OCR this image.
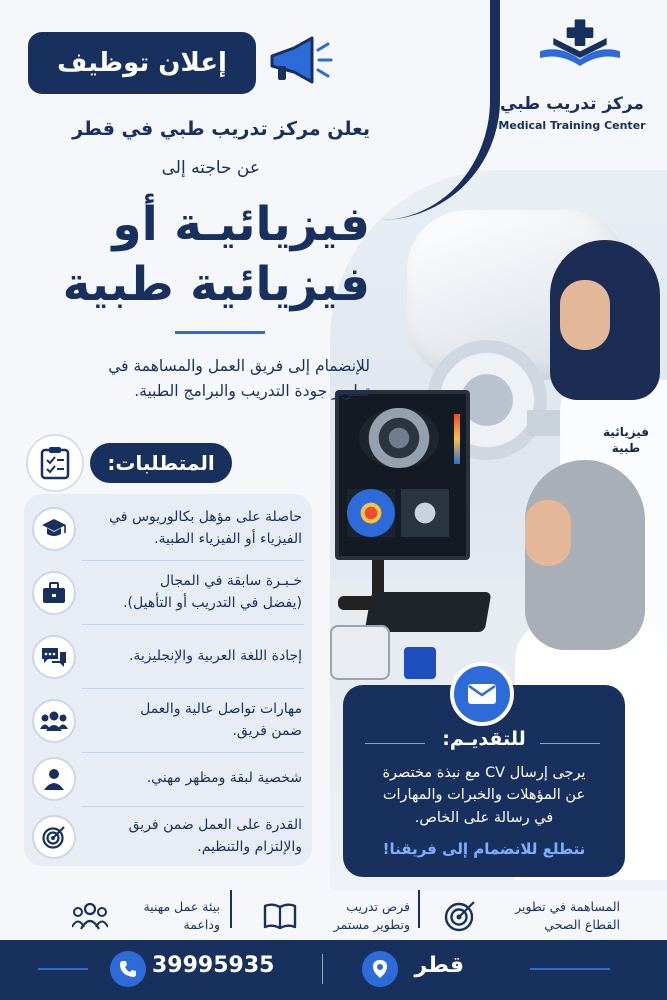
فيزيائية
طبية
إعلان توظيف
مركز تدريب طبي
Medical Training Center
يعلن مركز تدريب طبي في قطر
عن حاجته إلى
فيزيائيـة أو
فيزيائية طبية
للإنضمام إلى فريق العمل والمساهمة في
تطوير جودة التدريب والبرامج الطبية.
المتطلبات:
حاصلة على مؤهل بكالوريوس في
الفيزياء أو الفيزياء الطبية.
خـبـرة سابقة في المجال
(يفضل في التدريب أو التأهيل).
إجادة اللغة العربية والإنجليزية.
مهارات تواصل عالية والعمل
ضمن فريق.
شخصية لبقة ومظهر مهني.
القدرة على العمل ضمن فريق
والإلتزام والتنظيم.
للتقديـم:
يرجى إرسال CV مع نبذة مختصرة
عن المؤهلات والخبرات والمهارات
في رسالة على الخاص.
نتطلع للانضمام إلى فريقنا!
المساهمة في تطوير
القطاع الصحي
فرص تدريب
وتطوير مستمر
بيئة عمل مهنية
وداعمة
39995935	قطر
